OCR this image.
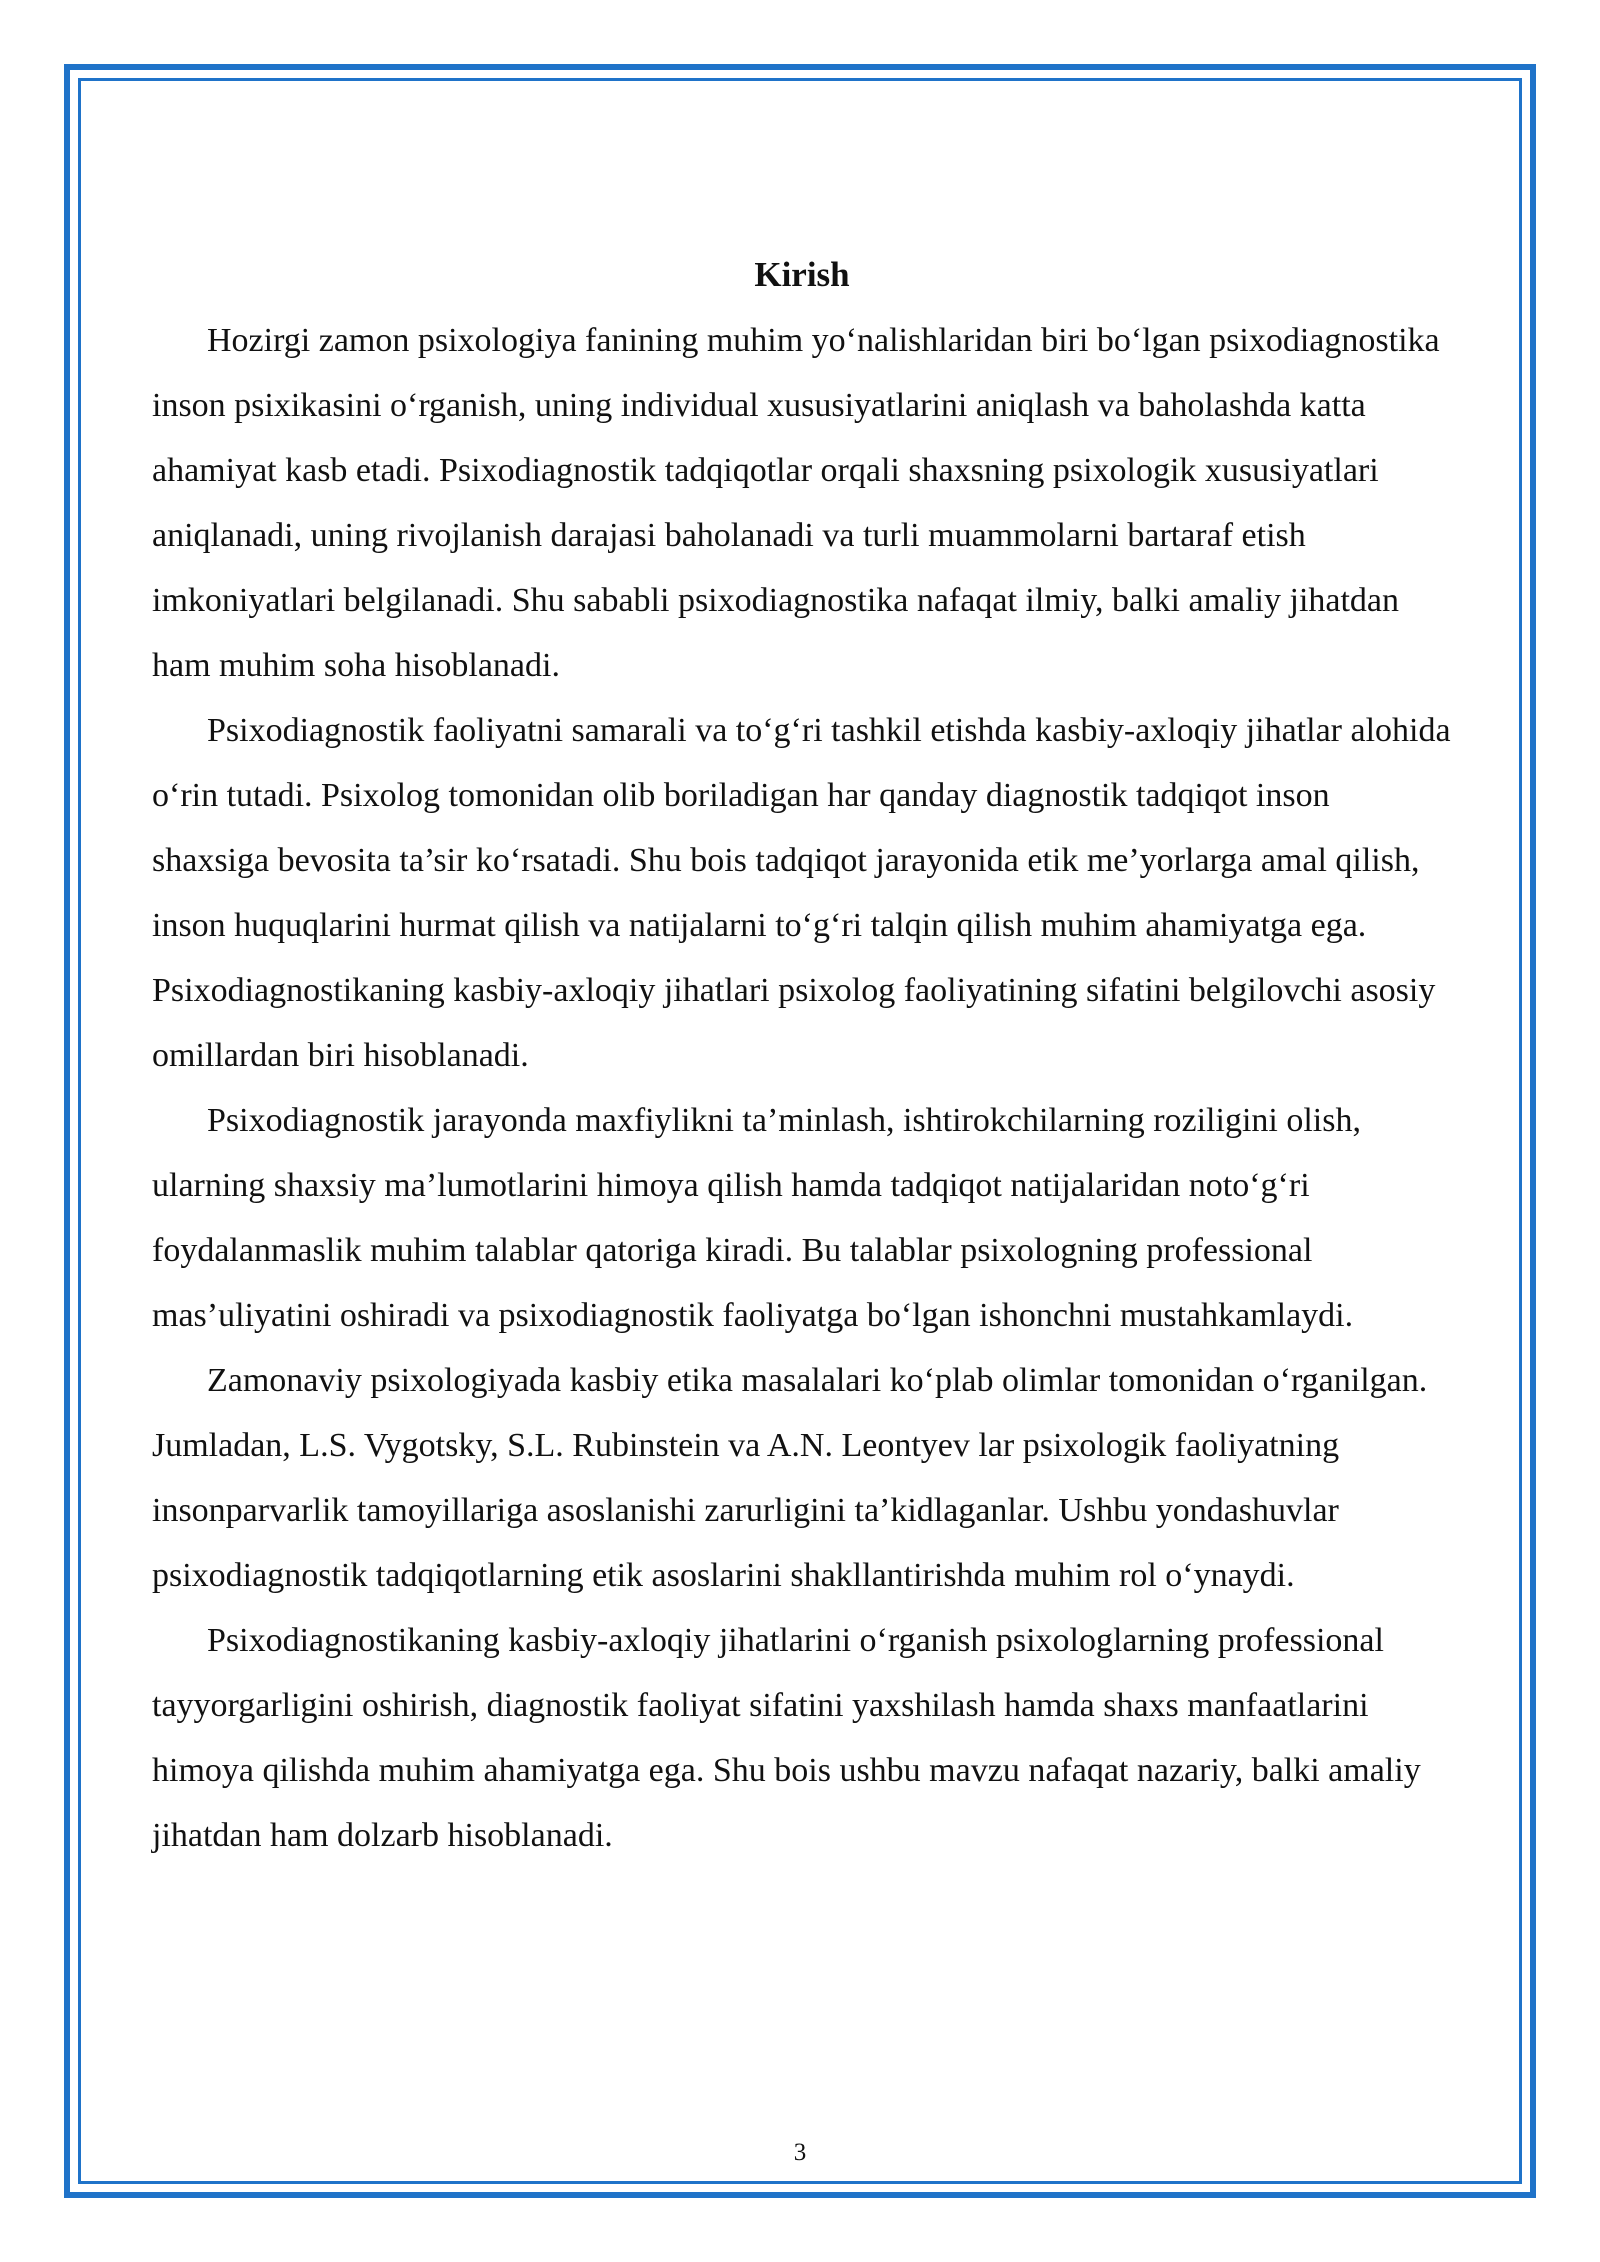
Kirish

Hozirgi zamon psixologiya fanining muhim yo‘nalishlaridan biri bo‘lgan psixodiagnostika inson psixikasini o‘rganish, uning individual xususiyatlarini aniqlash va baholashda katta ahamiyat kasb etadi. Psixodiagnostik tadqiqotlar orqali shaxsning psixologik xususiyatlari aniqlanadi, uning rivojlanish darajasi baholanadi va turli muammolarni bartaraf etish imkoniyatlari belgilanadi. Shu sababli psixodiagnostika nafaqat ilmiy, balki amaliy jihatdan ham muhim soha hisoblanadi.

Psixodiagnostik faoliyatni samarali va to‘g‘ri tashkil etishda kasbiy-axloqiy jihatlar alohida o‘rin tutadi. Psixolog tomonidan olib boriladigan har qanday diagnostik tadqiqot inson shaxsiga bevosita ta’sir ko‘rsatadi. Shu bois tadqiqot jarayonida etik me’yorlarga amal qilish, inson huquqlarini hurmat qilish va natijalarni to‘g‘ri talqin qilish muhim ahamiyatga ega. Psixodiagnostikaning kasbiy-axloqiy jihatlari psixolog faoliyatining sifatini belgilovchi asosiy omillardan biri hisoblanadi.

Psixodiagnostik jarayonda maxfiylikni ta’minlash, ishtirokchilarning roziligini olish, ularning shaxsiy ma’lumotlarini himoya qilish hamda tadqiqot natijalaridan noto‘g‘ri foydalanmaslik muhim talablar qatoriga kiradi. Bu talablar psixologning professional mas’uliyatini oshiradi va psixodiagnostik faoliyatga bo‘lgan ishonchni mustahkamlaydi.

Zamonaviy psixologiyada kasbiy etika masalalari ko‘plab olimlar tomonidan o‘rganilgan. Jumladan, L.S. Vygotsky, S.L. Rubinstein va A.N. Leontyev lar psixologik faoliyatning insonparvarlik tamoyillariga asoslanishi zarurligini ta’kidlaganlar. Ushbu yondashuvlar psixodiagnostik tadqiqotlarning etik asoslarini shakllantirishda muhim rol o‘ynaydi.

Psixodiagnostikaning kasbiy-axloqiy jihatlarini o‘rganish psixologlarning professional tayyorgarligini oshirish, diagnostik faoliyat sifatini yaxshilash hamda shaxs manfaatlarini himoya qilishda muhim ahamiyatga ega. Shu bois ushbu mavzu nafaqat nazariy, balki amaliy jihatdan ham dolzarb hisoblanadi.

3
